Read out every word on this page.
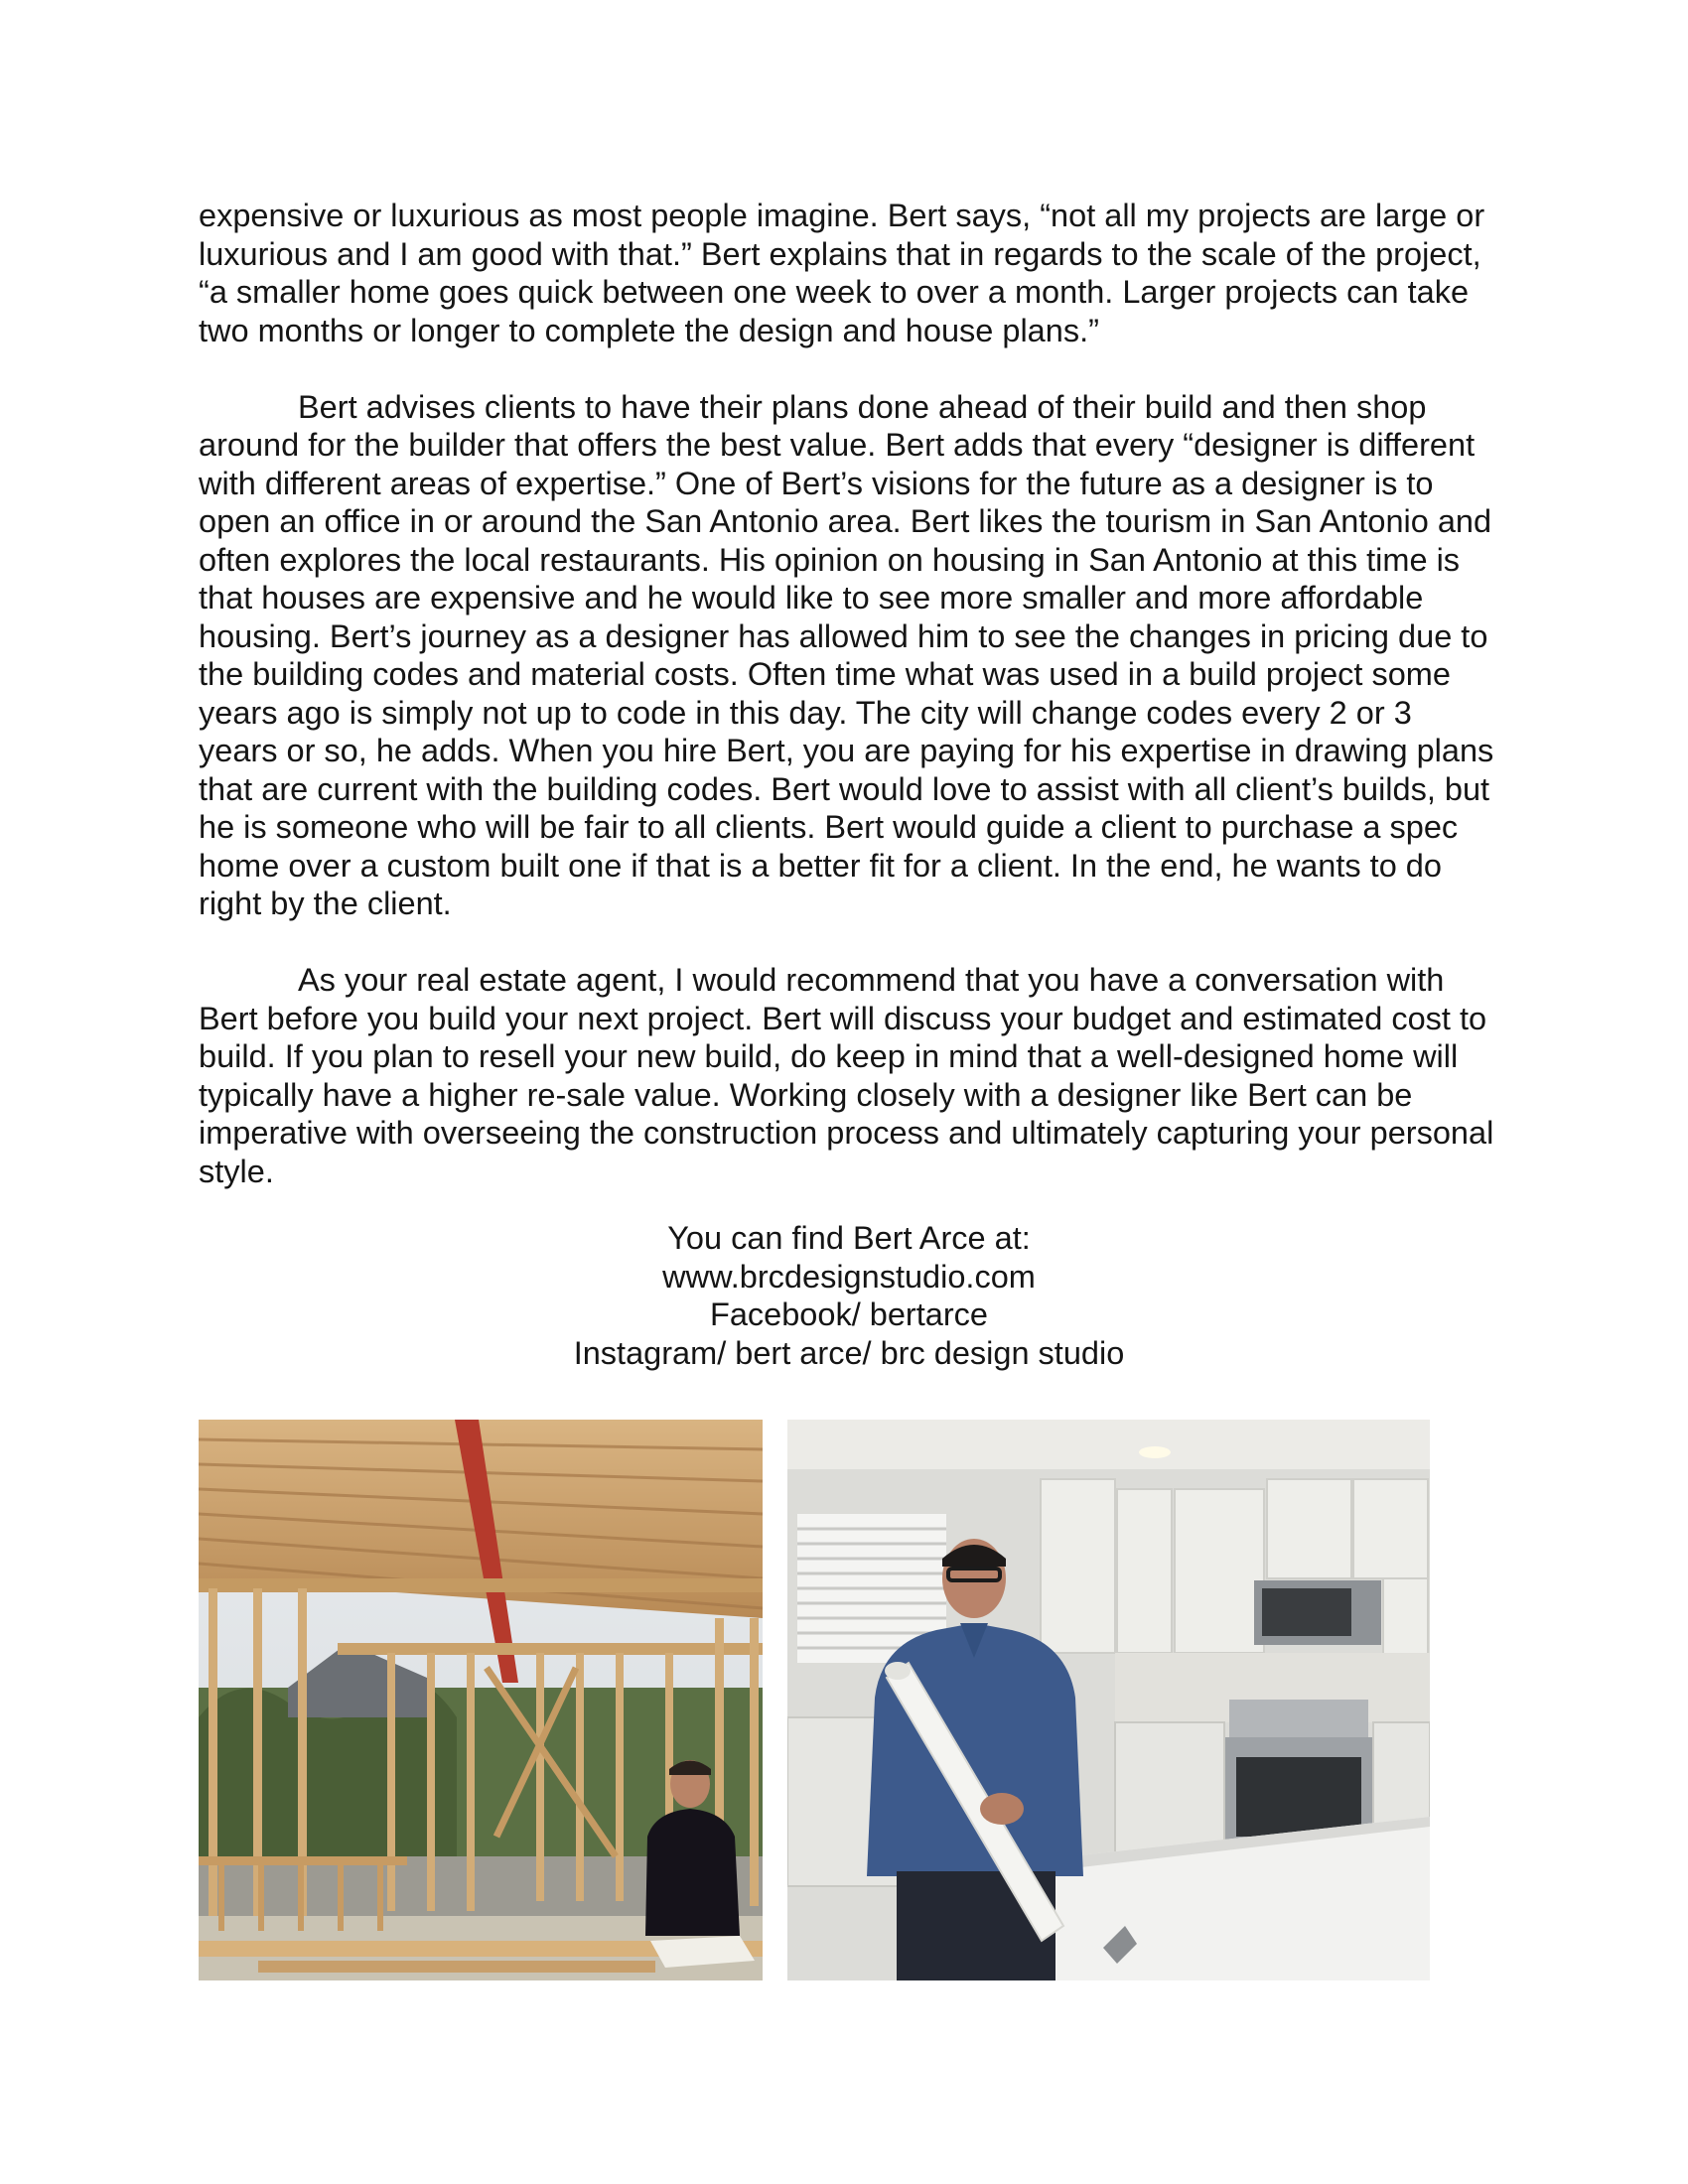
expensive or luxurious as most people imagine. Bert says, “not all my projects are large or luxurious and I am good with that.” Bert explains that in regards to the scale of the project, “a smaller home goes quick between one week to over a month. Larger projects can take two months or longer to complete the design and house plans.”

Bert advises clients to have their plans done ahead of their build and then shop around for the builder that offers the best value. Bert adds that every “designer is different with different areas of expertise.” One of Bert’s visions for the future as a designer is to open an office in or around the San Antonio area. Bert likes the tourism in San Antonio and often explores the local restaurants. His opinion on housing in San Antonio at this time is that houses are expensive and he would like to see more smaller and more affordable housing. Bert’s journey as a designer has allowed him to see the changes in pricing due to the building codes and material costs. Often time what was used in a build project some years ago is simply not up to code in this day. The city will change codes every 2 or 3 years or so, he adds. When you hire Bert, you are paying for his expertise in drawing plans that are current with the building codes. Bert would love to assist with all client’s builds, but he is someone who will be fair to all clients. Bert would guide a client to purchase a spec home over a custom built one if that is a better fit for a client. In the end, he wants to do right by the client.

As your real estate agent, I would recommend that you have a conversation with Bert before you build your next project. Bert will discuss your budget and estimated cost to build. If you plan to resell your new build, do keep in mind that a well-designed home will typically have a higher re-sale value. Working closely with a designer like Bert can be imperative with overseeing the construction process and ultimately capturing your personal style.

You can find Bert Arce at:
www.brcdesignstudio.com
Facebook/ bertarce
Instagram/ bert arce/ brc design studio
